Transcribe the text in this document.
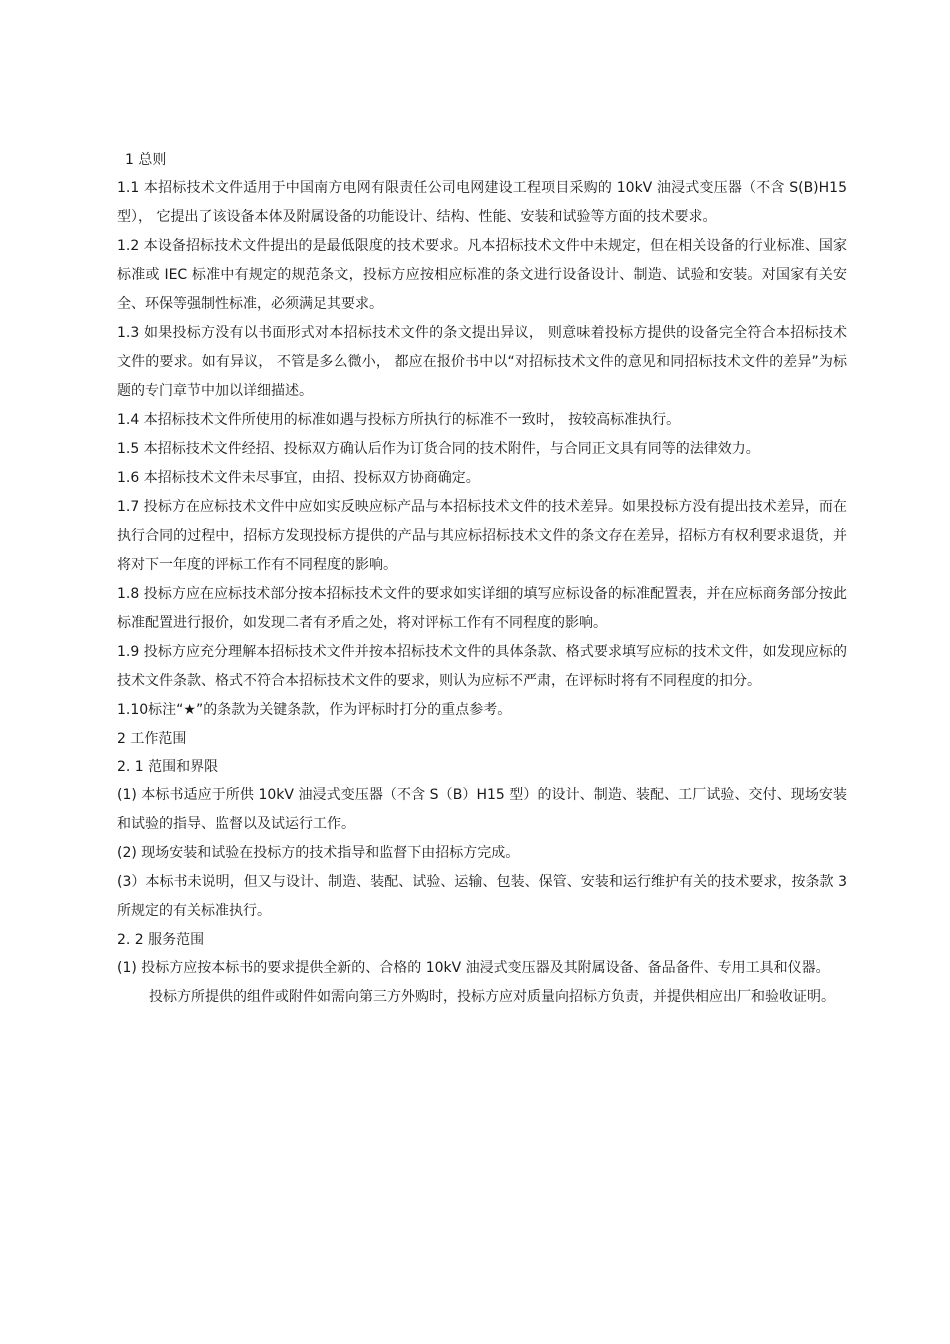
1 总则

1.1 本招标技术文件适用于中国南方电网有限责任公司电网建设工程项目采购的 10kV 油浸式变压器（不含 S(B)H15 型）， 它提出了该设备本体及附属设备的功能设计、结构、性能、安装和试验等方面的技术要求。

1.2 本设备招标技术文件提出的是最低限度的技术要求。凡本招标技术文件中未规定，但在相关设备的行业标准、国家标准或 IEC 标准中有规定的规范条文，投标方应按相应标准的条文进行设备设计、制造、试验和安装。对国家有关安全、环保等强制性标准，必须满足其要求。

1.3 如果投标方没有以书面形式对本招标技术文件的条文提出异议， 则意味着投标方提供的设备完全符合本招标技术文件的要求。如有异议， 不管是多么微小， 都应在报价书中以“对招标技术文件的意见和同招标技术文件的差异”为标题的专门章节中加以详细描述。

1.4 本招标技术文件所使用的标准如遇与投标方所执行的标准不一致时， 按较高标准执行。

1.5 本招标技术文件经招、投标双方确认后作为订货合同的技术附件，与合同正文具有同等的法律效力。

1.6 本招标技术文件未尽事宜，由招、投标双方协商确定。

1.7 投标方在应标技术文件中应如实反映应标产品与本招标技术文件的技术差异。如果投标方没有提出技术差异，而在执行合同的过程中，招标方发现投标方提供的产品与其应标招标技术文件的条文存在差异，招标方有权利要求退货，并将对下一年度的评标工作有不同程度的影响。

1.8 投标方应在应标技术部分按本招标技术文件的要求如实详细的填写应标设备的标准配置表，并在应标商务部分按此标准配置进行报价，如发现二者有矛盾之处，将对评标工作有不同程度的影响。

1.9 投标方应充分理解本招标技术文件并按本招标技术文件的具体条款、格式要求填写应标的技术文件，如发现应标的技术文件条款、格式不符合本招标技术文件的要求，则认为应标不严肃，在评标时将有不同程度的扣分。

1.10标注“★”的条款为关键条款，作为评标时打分的重点参考。

2 工作范围
2. 1 范围和界限

(1) 本标书适应于所供 10kV 油浸式变压器（不含 S（B）H15 型）的设计、制造、装配、工厂试验、交付、现场安装和试验的指导、监督以及试运行工作。

(2) 现场安装和试验在投标方的技术指导和监督下由招标方完成。

(3）本标书未说明，但又与设计、制造、装配、试验、运输、包装、保管、安装和运行维护有关的技术要求，按条款 3 所规定的有关标准执行。

2. 2 服务范围

(1) 投标方应按本标书的要求提供全新的、合格的 10kV 油浸式变压器及其附属设备、备品备件、专用工具和仪器。

投标方所提供的组件或附件如需向第三方外购时，投标方应对质量向招标方负责，并提供相应出厂和验收证明。
